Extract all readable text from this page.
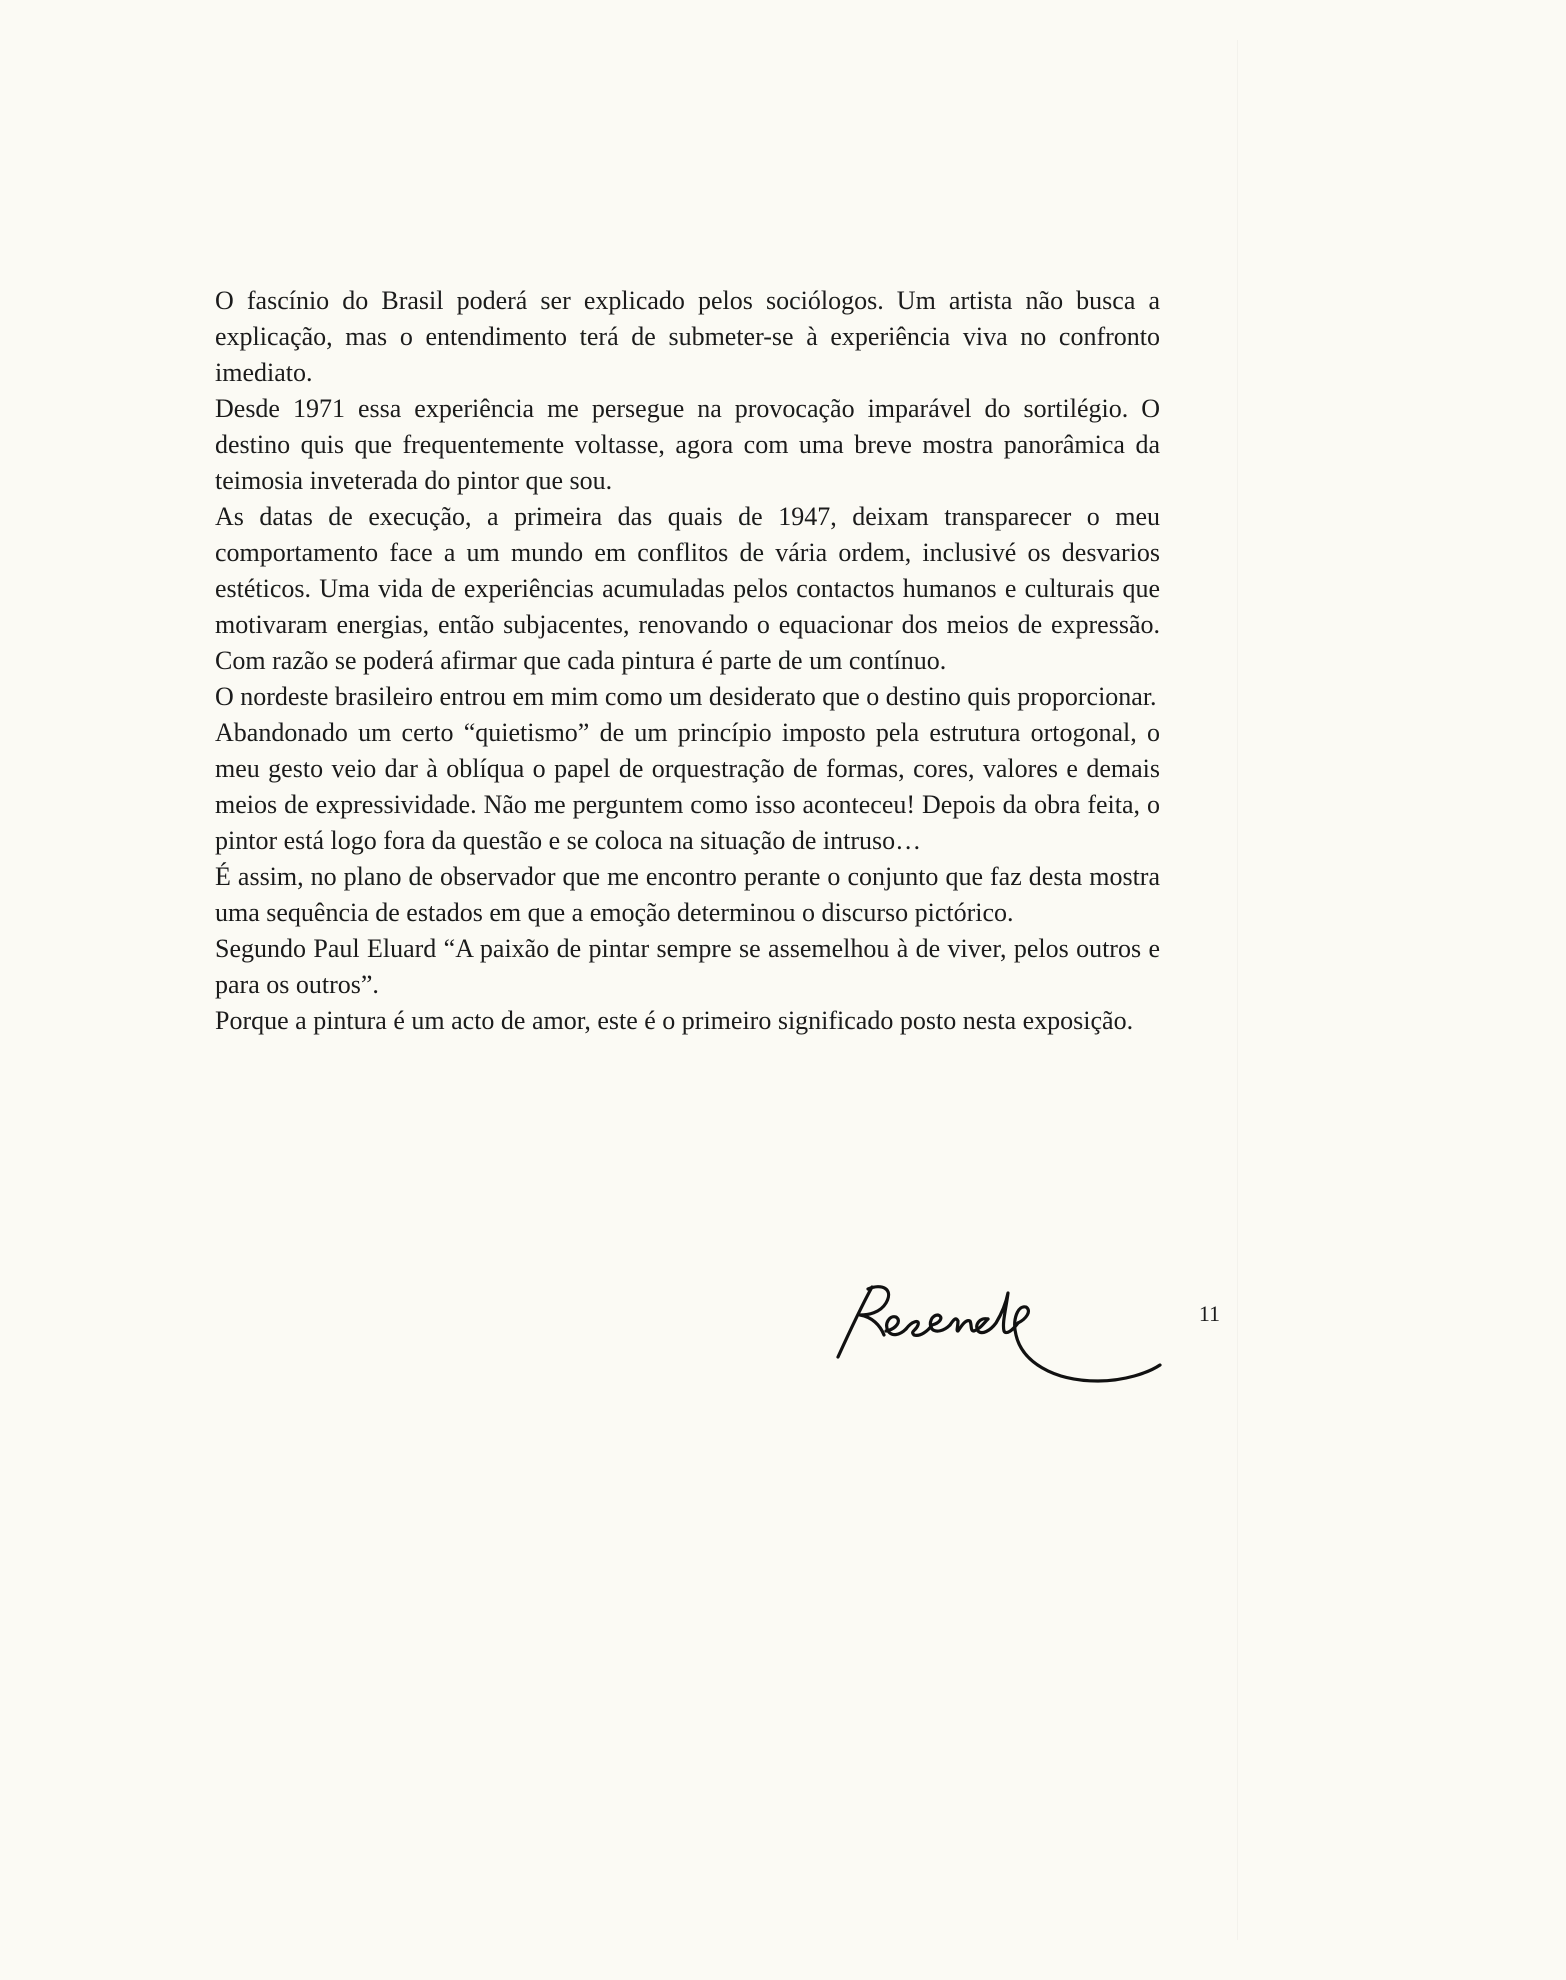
O fascínio do Brasil poderá ser explicado pelos sociólogos. Um artista não busca a explicação, mas o entendimento terá de submeter-se à experiência viva no confronto imediato.

Desde 1971 essa experiência me persegue na provocação imparável do sortilégio. O destino quis que frequentemente voltasse, agora com uma breve mostra panorâmica da teimosia inveterada do pintor que sou.

As datas de execução, a primeira das quais de 1947, deixam transparecer o meu comportamento face a um mundo em conflitos de vária ordem, inclusivé os desvarios estéticos. Uma vida de experiências acumuladas pelos contactos humanos e culturais que motivaram energias, então subjacentes, renovando o equacionar dos meios de expressão. Com razão se poderá afirmar que cada pintura é parte de um contínuo.

O nordeste brasileiro entrou em mim como um desiderato que o destino quis proporcionar.

Abandonado um certo “quietismo” de um princípio imposto pela estrutura ortogonal, o meu gesto veio dar à oblíqua o papel de orquestração de formas, cores, valores e demais meios de expressividade. Não me perguntem como isso aconteceu! Depois da obra feita, o pintor está logo fora da questão e se coloca na situação de intruso…

É assim, no plano de observador que me encontro perante o conjunto que faz desta mostra uma sequência de estados em que a emoção determinou o discurso pictórico.

Segundo Paul Eluard “A paixão de pintar sempre se assemelhou à de viver, pelos outros e para os outros”.

Porque a pintura é um acto de amor, este é o primeiro significado posto nesta exposição.

11
